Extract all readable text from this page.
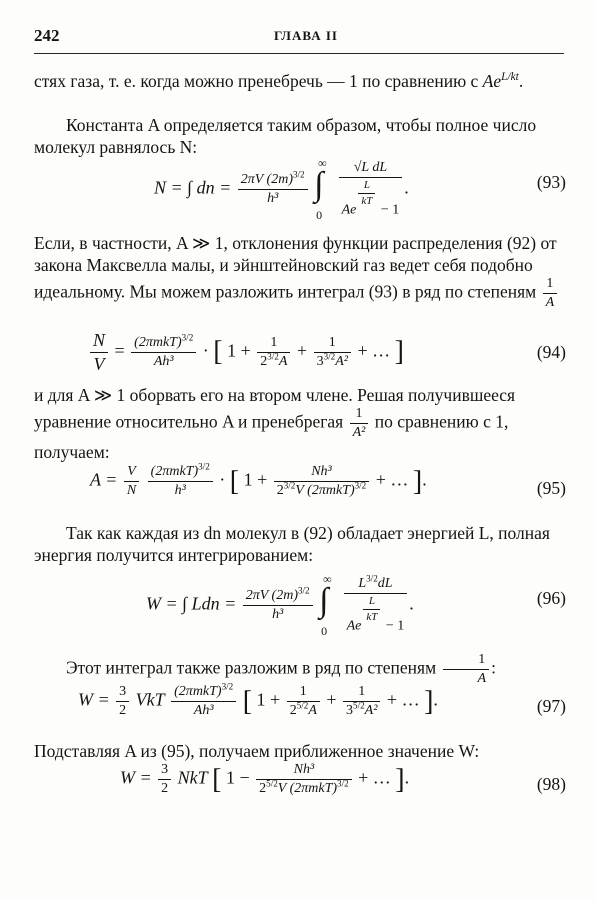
242	ГЛАВА II

стях газа, т. е. когда можно пренебречь — 1 по сравнению с $Ae^{L/kt}$.

Константа A определяется таким образом, чтобы полное число молекул равнялось N:

N = ∫ dn = $\frac{2\pi V (2m)^{3/2}}{\text{h³}}$
∫
∞
0

√L dL
Ae
$^{\frac{L}{kT}}$
− 1
.	(93)

Если, в частности, A ≫ 1, отклонения функции распределения (92) от закона Максвелла малы, и эйнштейновский газ ведет себя подобно идеальному. Мы можем разложить интеграл (93) в ряд по степеням $\frac{1}{A}$

$\frac{N}{V} = (2\pi mkT)^{3/2}$
Ah³
· [ $1 + \frac{1}{2^{3/2}A} + \frac{1}{3^{3/2}A^2}$ + … ]	(94)

и для A ≫ 1 оборвать его на втором члене. Решая получившееся уравнение относительно A и пренебрегая $\frac{1}{\text{A²}}$ по сравнению с 1, получаем:

$A = \frac{V}{N}$
$(2\pi mkT)^{3/2}$
h³
· [ 1 +	Nh³
$2^{3/2}V$ $(2\pi mkT)^{3/2}$ + … ].	(95)

Так как каждая из dn молекул в (92) обладает энергией L, полная энергия получится интегрированием:

W = ∫ Ldn = $\frac{2\pi V (2m)^{3/2}}{\text{h³}}$
∫
∞
0

$L^{3/2}dL$
Ae
$^{\frac{L}{kT}}$
− 1
.	(96)

Этот интеграл также разложим в ряд по степеням $\frac{1}{A}$ :

$W = \frac{3}{2}$ VkT $(2\pi mkT)^{3/2}$
Ah³	[ $1 + \frac{1}{2^{5/2}A} + \frac{1}{3^{5/2}A^2}$ + … ].	(97)

Подставляя A из (95), получаем приближенное значение W:

$W = \frac{3}{2}$ NkT [ 1 −	Nh³
$2^{5/2}V$ $(2\pi mkT)^{3/2}$ + … ].	(98)
